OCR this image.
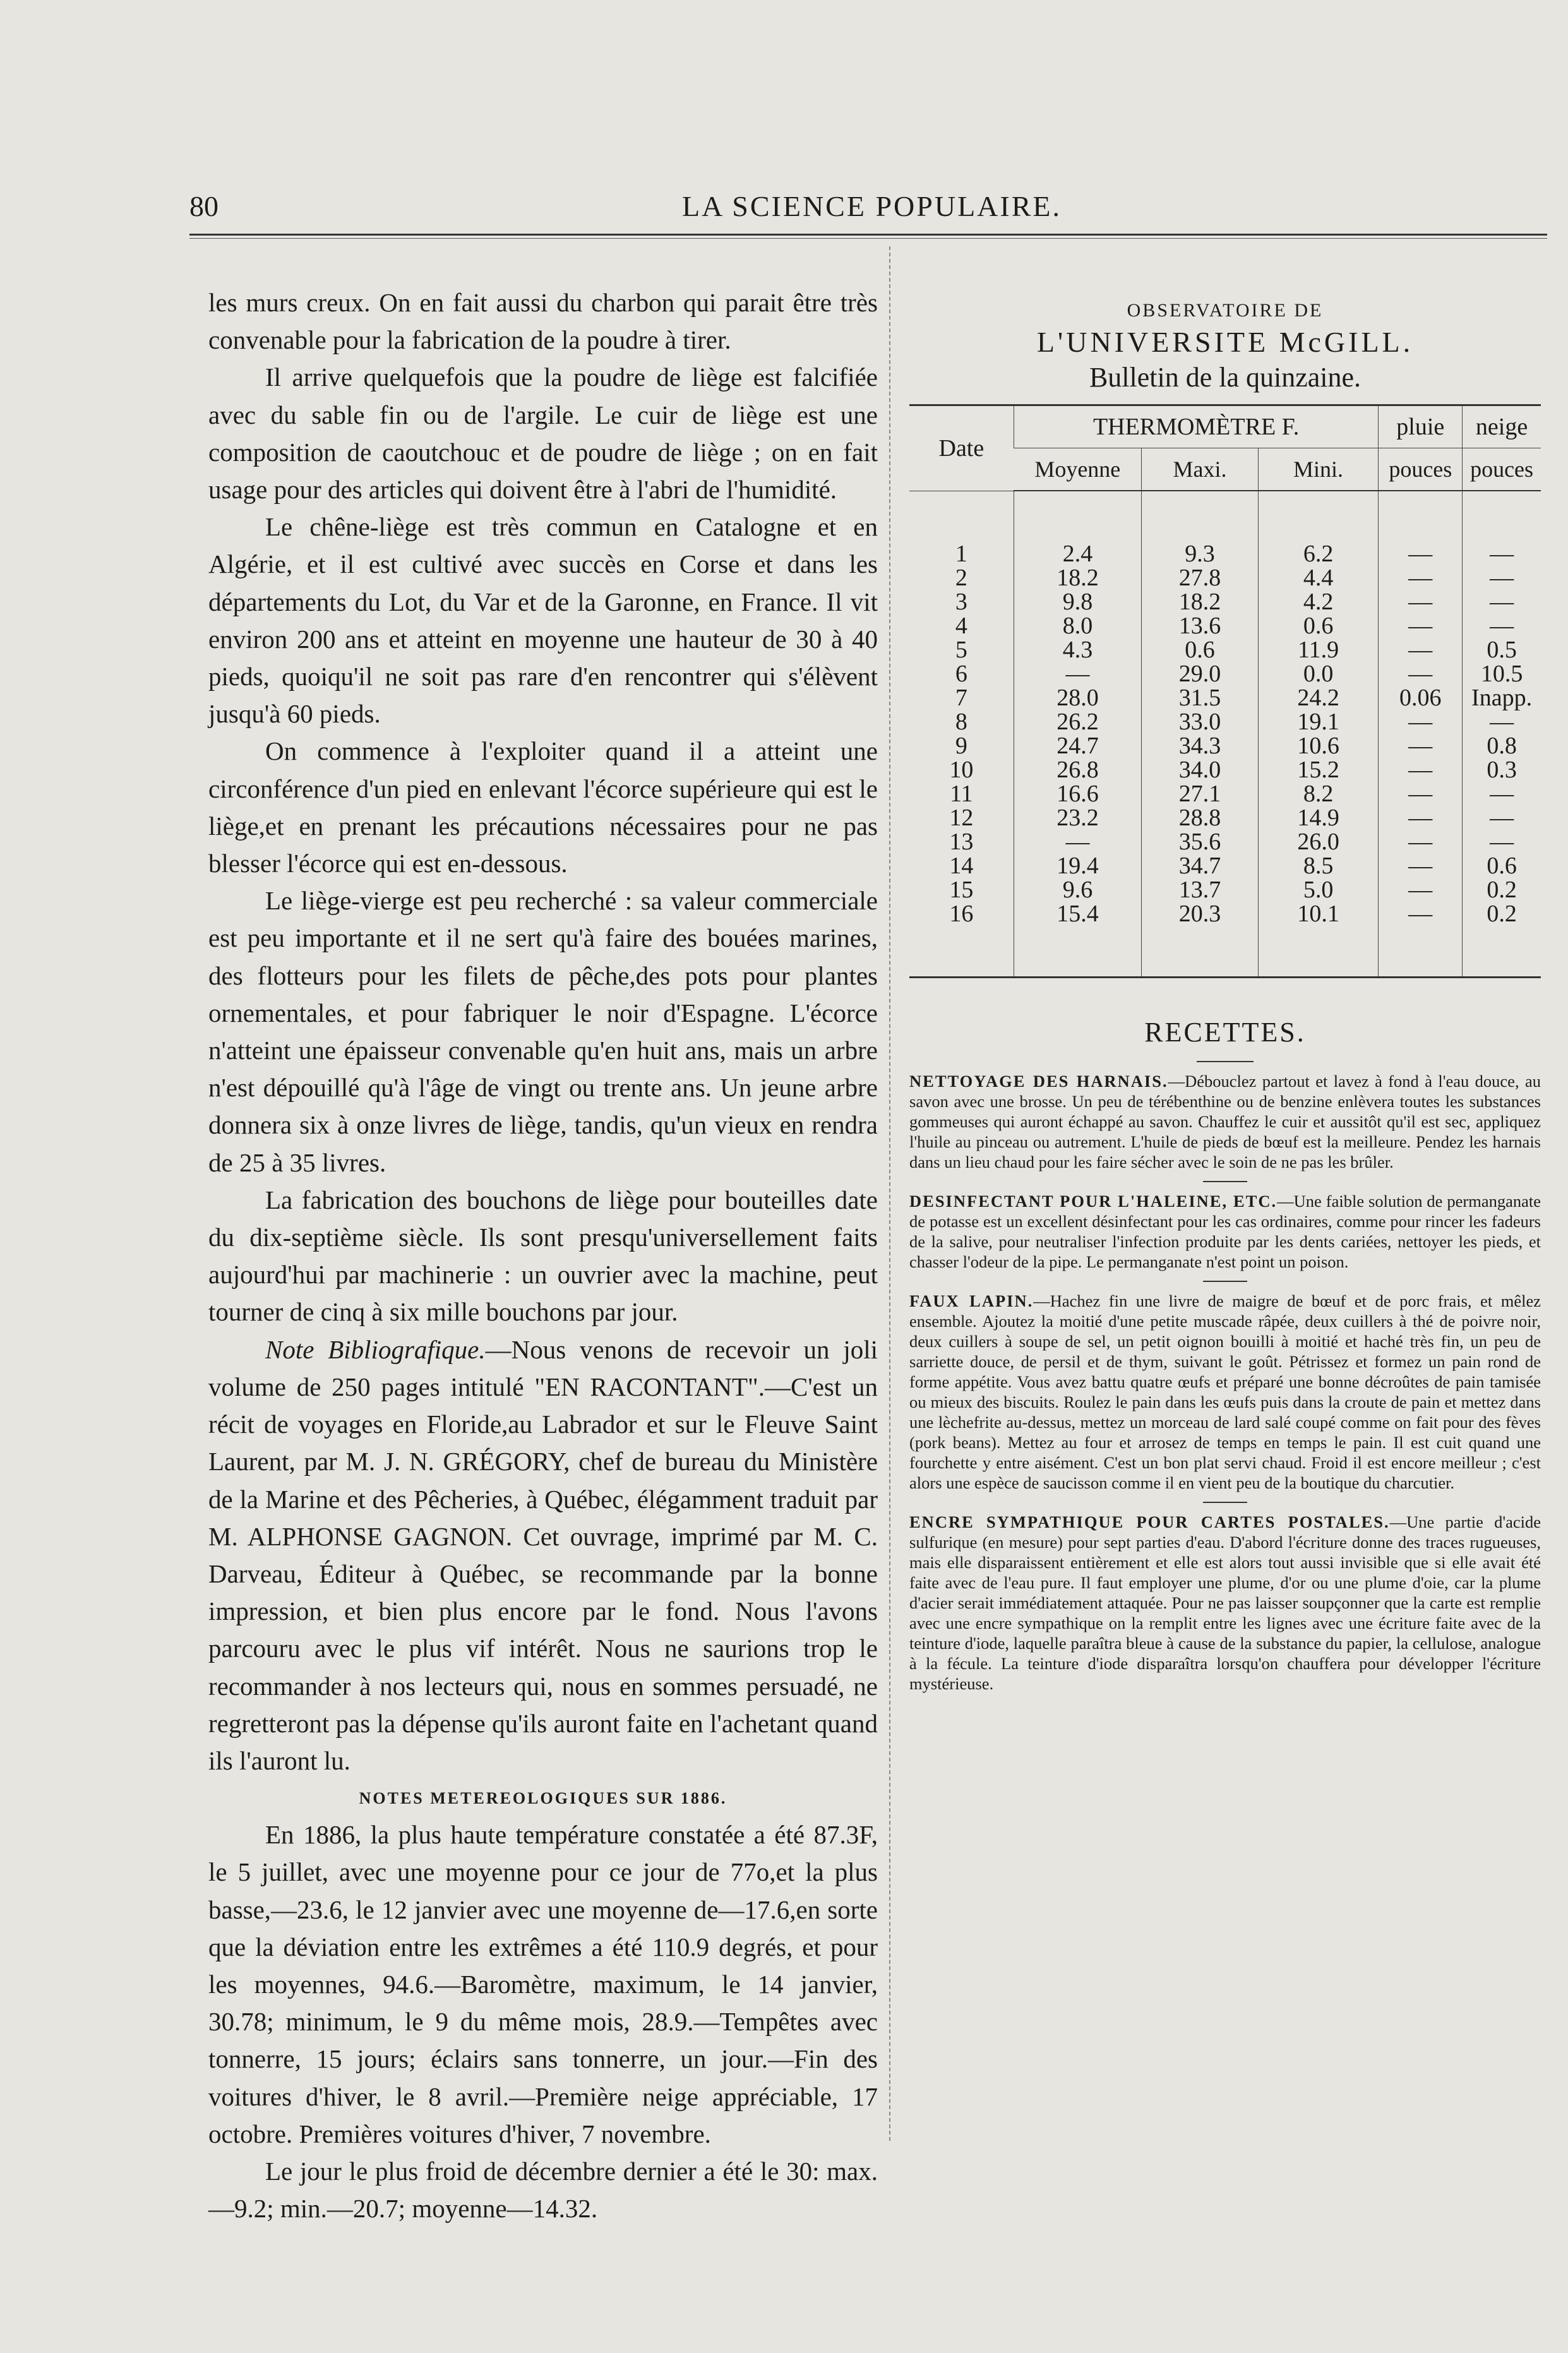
80	LA SCIENCE POPULAIRE.

les murs creux. On en fait aussi du charbon qui parait être très convenable pour la fabrication de la poudre à tirer.

Il arrive quelquefois que la poudre de liège est falcifiée avec du sable fin ou de l'argile. Le cuir de liège est une composition de caoutchouc et de poudre de liège ; on en fait usage pour des articles qui doivent être à l'abri de l'humidité.

Le chêne-liège est très commun en Catalogne et en Algérie, et il est cultivé avec succès en Corse et dans les départements du Lot, du Var et de la Garonne, en France. Il vit environ 200 ans et atteint en moyenne une hauteur de 30 à 40 pieds, quoiqu'il ne soit pas rare d'en rencontrer qui s'élèvent jusqu'à 60 pieds.

On commence à l'exploiter quand il a atteint une circonférence d'un pied en enlevant l'écorce supérieure qui est le liège,et en prenant les précautions nécessaires pour ne pas blesser l'écorce qui est en-dessous.

Le liège-vierge est peu recherché : sa valeur commerciale est peu importante et il ne sert qu'à faire des bouées marines, des flotteurs pour les filets de pêche,des pots pour plantes ornementales, et pour fabriquer le noir d'Espagne. L'écorce n'atteint une épaisseur convenable qu'en huit ans, mais un arbre n'est dépouillé qu'à l'âge de vingt ou trente ans. Un jeune arbre donnera six à onze livres de liège, tandis, qu'un vieux en rendra de 25 à 35 livres.

La fabrication des bouchons de liège pour bouteilles date du dix-septième siècle. Ils sont presqu'universellement faits aujourd'hui par machinerie : un ouvrier avec la machine, peut tourner de cinq à six mille bouchons par jour.

Note Bibliografique.—Nous venons de recevoir un joli volume de 250 pages intitulé "EN RACONTANT".—C'est un récit de voyages en Floride,au Labrador et sur le Fleuve Saint Laurent, par M. J. N. GRÉGORY, chef de bureau du Ministère de la Marine et des Pêcheries, à Québec, élégamment traduit par M. ALPHONSE GAGNON. Cet ouvrage, imprimé par M. C. Darveau, Éditeur à Québec, se recommande par la bonne impression, et bien plus encore par le fond. Nous l'avons parcouru avec le plus vif intérêt. Nous ne saurions trop le recommander à nos lecteurs qui, nous en sommes persuadé, ne regretteront pas la dépense qu'ils auront faite en l'achetant quand ils l'auront lu.

NOTES METEREOLOGIQUES SUR 1886.

En 1886, la plus haute température constatée a été 87.3F, le 5 juillet, avec une moyenne pour ce jour de 77o,et la plus basse,—23.6, le 12 janvier avec une moyenne de—17.6,en sorte que la déviation entre les extrêmes a été 110.9 degrés, et pour les moyennes, 94.6.—Baromètre, maximum, le 14 janvier, 30.78; minimum, le 9 du même mois, 28.9.—Tempêtes avec tonnerre, 15 jours; éclairs sans tonnerre, un jour.—Fin des voitures d'hiver, le 8 avril.—Première neige appréciable, 17 octobre. Premières voitures d'hiver, 7 novembre.

Le jour le plus froid de décembre dernier a été le 30: max.—9.2; min.—20.7; moyenne—14.32.

OBSERVATOIRE DE
L'UNIVERSITE McGILL.
Bulletin de la quinzaine.
Date	THERMOMÈTRE F.			pluie	neige
	Moyenne	Maxi.	Mini.	pouces	pouces

1	2.4	9.3	6.2	—	—
2	18.2	27.8	4.4	—	—
3	9.8	18.2	4.2	—	—
4	8.0	13.6	0.6	—	—
5	4.3	0.6	11.9	—	0.5
6	—	29.0	0.0	—	10.5
7	28.0	31.5	24.2	0.06	Inapp.
8	26.2	33.0	19.1	—	—
9	24.7	34.3	10.6	—	0.8
10	26.8	34.0	15.2	—	0.3
11	16.6	27.1	8.2	—	—
12	23.2	28.8	14.9	—	—
13	—	35.6	26.0	—	—
14	19.4	34.7	8.5	—	0.6
15	9.6	13.7	5.0	—	0.2
16	15.4	20.3	10.1	—	0.2

RECETTES.

NETTOYAGE DES HARNAIS.—Débouclez partout et lavez à fond à l'eau douce, au savon avec une brosse. Un peu de térébenthine ou de benzine enlèvera toutes les substances gommeuses qui auront échappé au savon. Chauffez le cuir et aussitôt qu'il est sec, appliquez l'huile au pinceau ou autrement. L'huile de pieds de bœuf est la meilleure. Pendez les harnais dans un lieu chaud pour les faire sécher avec le soin de ne pas les brûler.

DESINFECTANT POUR L'HALEINE, ETC.—Une faible solution de permanganate de potasse est un excellent désinfectant pour les cas ordinaires, comme pour rincer les fadeurs de la salive, pour neutraliser l'infection produite par les dents cariées, nettoyer les pieds, et chasser l'odeur de la pipe. Le permanganate n'est point un poison.

FAUX LAPIN.—Hachez fin une livre de maigre de bœuf et de porc frais, et mêlez ensemble. Ajoutez la moitié d'une petite muscade râpée, deux cuillers à thé de poivre noir, deux cuillers à soupe de sel, un petit oignon bouilli à moitié et haché très fin, un peu de sarriette douce, de persil et de thym, suivant le goût. Pétrissez et formez un pain rond de forme appétite. Vous avez battu quatre œufs et préparé une bonne décroûtes de pain tamisée ou mieux des biscuits. Roulez le pain dans les œufs puis dans la croute de pain et mettez dans une lèchefrite au-dessus, mettez un morceau de lard salé coupé comme on fait pour des fèves (pork beans). Mettez au four et arrosez de temps en temps le pain. Il est cuit quand une fourchette y entre aisément. C'est un bon plat servi chaud. Froid il est encore meilleur ; c'est alors une espèce de saucisson comme il en vient peu de la boutique du charcutier.

ENCRE SYMPATHIQUE POUR CARTES POSTALES.—Une partie d'acide sulfurique (en mesure) pour sept parties d'eau. D'abord l'écriture donne des traces rugueuses, mais elle disparaissent entièrement et elle est alors tout aussi invisible que si elle avait été faite avec de l'eau pure. Il faut employer une plume, d'or ou une plume d'oie, car la plume d'acier serait immédiatement attaquée. Pour ne pas laisser soupçonner que la carte est remplie avec une encre sympathique on la remplit entre les lignes avec une écriture faite avec de la teinture d'iode, laquelle paraîtra bleue à cause de la substance du papier, la cellulose, analogue à la fécule. La teinture d'iode disparaîtra lorsqu'on chauffera pour développer l'écriture mystérieuse.
